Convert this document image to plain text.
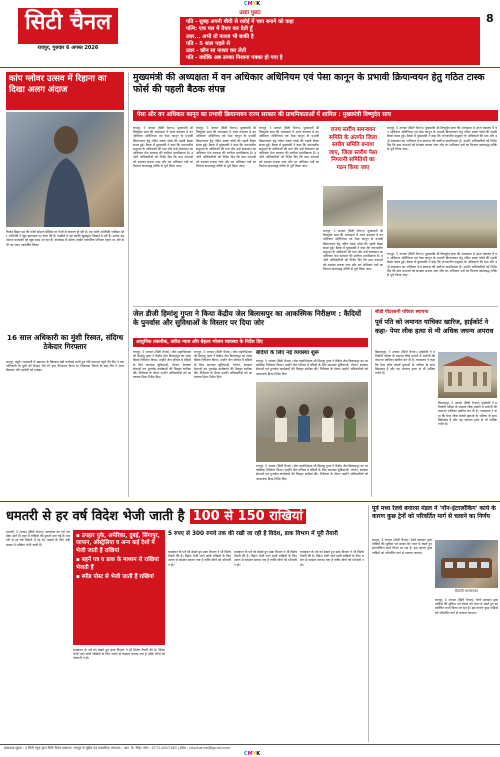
CMYK
सिटी चैनल
रायपुर, गुरुवार 6 अगस्त 2026
उल्टा पुल्टा	8
पति - सुबह अपनी बीवी से रसोई में चाय बनाने को कहा
पत्नि: एक पल में तैयार कर देती हूँ
उधर... अभी तो नाश्ता भी बाकी है
पति - 5 साल पहले से
उधर - कौन सा नाश्ता कर लेती
पति - क्योंकि अब उनका निशाना पक्का हो गया है
कांप ग्लोवर उत्सव में रिहाना का दिखा अलग अंदाज
विनोद बिहार यह की फोटो सोशल मीडिया पर तेजी से वायरल हो रही है। यह फोटो अमेरिकी गायिका और अभिनेत्री ने खुद इंस्टाग्राम पर शेयर की है। तस्वीरों में वह काफी खूबसूरत दिखाई दे रही है। उनका यह अंदाज प्रशंसकों को खूब पसंद आ रहा है। कार्यक्रम के दौरान उन्होंने पारंपरिक परिधान पहना था और सभी का ध्यान आकर्षित किया।
16 साल अधिकारी का मुंशी रिस्वत, संदिग्ध ठेकेदार गिरफ्तार
रायपुर, ब्यूरो। राजधानी में भ्रष्टाचार के खिलाफ बड़ी कार्रवाई करते हुए एंटी करप्शन ब्यूरो की टीम ने एक अधिकारी के मुंशी को रिश्वत लेते रंगे हाथ गिरफ्तार किया है। शिकायत मिलने के बाद टीम ने जाल बिछाया और आरोपी को पकड़ा।
मुख्यमंत्री की अध्यक्षता में वन अधिकार अधिनियम एवं पेसा कानून के प्रभावी क्रियान्वयन हेतु गठित टास्क फोर्स की पहली बैठक संपन्न
पेसा और वन अधिकार कानून का प्रभावी क्रियान्वयन राज्य सरकार की प्राथमिकताओं में शामिल : मुख्यमंत्री विष्णुदेव साय
रायपुर, 5 अगस्त (सिटी चैनल)। मुख्यमंत्री श्री विष्णुदेव साय की अध्यक्षता में आज मंत्रालय में वन अधिकार अधिनियम एवं पेसा कानून के प्रभावी क्रियान्वयन हेतु गठित टास्क फोर्स की पहली बैठक संपन्न हुई। बैठक में मुख्यमंत्री ने कहा कि जनजातीय समुदाय के अधिकारों की रक्षा और उन्हें स्वशासन का अधिकार देना सरकार की सर्वोच्च प्राथमिकता है। उन्होंने अधिकारियों को निर्देश दिए कि ग्राम सभाओं को सशक्त बनाया जाए और वन अधिकार पत्रों का वितरण समयबद्ध तरीके से पूर्ण किया जाए।
रायपुर, 5 अगस्त (सिटी चैनल)। मुख्यमंत्री श्री विष्णुदेव साय की अध्यक्षता में आज मंत्रालय में वन अधिकार अधिनियम एवं पेसा कानून के प्रभावी क्रियान्वयन हेतु गठित टास्क फोर्स की पहली बैठक संपन्न हुई। बैठक में मुख्यमंत्री ने कहा कि जनजातीय समुदाय के अधिकारों की रक्षा और उन्हें स्वशासन का अधिकार देना सरकार की सर्वोच्च प्राथमिकता है। उन्होंने अधिकारियों को निर्देश दिए कि ग्राम सभाओं को सशक्त बनाया जाए और वन अधिकार पत्रों का वितरण समयबद्ध तरीके से पूर्ण किया जाए।
रायपुर, 5 अगस्त (सिटी चैनल)। मुख्यमंत्री श्री विष्णुदेव साय की अध्यक्षता में आज मंत्रालय में वन अधिकार अधिनियम एवं पेसा कानून के प्रभावी क्रियान्वयन हेतु गठित टास्क फोर्स की पहली बैठक संपन्न हुई। बैठक में मुख्यमंत्री ने कहा कि जनजातीय समुदाय के अधिकारों की रक्षा और उन्हें स्वशासन का अधिकार देना सरकार की सर्वोच्च प्राथमिकता है। उन्होंने अधिकारियों को निर्देश दिए कि ग्राम सभाओं को सशक्त बनाया जाए और वन अधिकार पत्रों का वितरण समयबद्ध तरीके से पूर्ण किया जाए।
राज्य स्तरीय समन्वयन समिति के अंतर्गत जिला स्तरीय समिति बनाया जाए, जिला स्तरीय पेसा निगरानी समितियों का गठन किया जाए
रायपुर, 5 अगस्त (सिटी चैनल)। मुख्यमंत्री श्री विष्णुदेव साय की अध्यक्षता में आज मंत्रालय में वन अधिकार अधिनियम एवं पेसा कानून के प्रभावी क्रियान्वयन हेतु गठित टास्क फोर्स की पहली बैठक संपन्न हुई। बैठक में मुख्यमंत्री ने कहा कि जनजातीय समुदाय के अधिकारों की रक्षा और उन्हें स्वशासन का अधिकार देना सरकार की सर्वोच्च प्राथमिकता है। उन्होंने अधिकारियों को निर्देश दिए कि ग्राम सभाओं को सशक्त बनाया जाए और वन अधिकार पत्रों का वितरण समयबद्ध तरीके से पूर्ण किया जाए।
रायपुर, 5 अगस्त (सिटी चैनल)। मुख्यमंत्री श्री विष्णुदेव साय की अध्यक्षता में आज मंत्रालय में वन अधिकार अधिनियम एवं पेसा कानून के प्रभावी क्रियान्वयन हेतु गठित टास्क फोर्स की पहली बैठक संपन्न हुई। बैठक में मुख्यमंत्री ने कहा कि जनजातीय समुदाय के अधिकारों की रक्षा और उन्हें स्वशासन का अधिकार देना सरकार की सर्वोच्च प्राथमिकता है। उन्होंने अधिकारियों को निर्देश दिए कि ग्राम सभाओं को सशक्त बनाया जाए और वन अधिकार पत्रों का वितरण समयबद्ध तरीके से पूर्ण किया जाए।
रायपुर, 5 अगस्त (सिटी चैनल)। मुख्यमंत्री श्री विष्णुदेव साय की अध्यक्षता में आज मंत्रालय में वन अधिकार अधिनियम एवं पेसा कानून के प्रभावी क्रियान्वयन हेतु गठित टास्क फोर्स की पहली बैठक संपन्न हुई। बैठक में मुख्यमंत्री ने कहा कि जनजातीय समुदाय के अधिकारों की रक्षा और उन्हें स्वशासन का अधिकार देना सरकार की सर्वोच्च प्राथमिकता है। उन्होंने अधिकारियों को निर्देश दिए कि ग्राम सभाओं को सशक्त बनाया जाए और वन अधिकार पत्रों का वितरण समयबद्ध तरीके से पूर्ण किया जाए।
जेल डीजी हिमांशु गुप्ता ने किया केंद्रीय जेल बिलासपुर का आकस्मिक निरीक्षण : कैदियों के पुनर्वास और सुविधाओं के विस्तार पर दिया जोर
आधुनिक तकनीक, त्वरित न्याय और बेहतर भोजन व्यवस्था के निर्देश दिए
रायपुर, 5 अगस्त (सिटी चैनल)। जेल महानिदेशक श्री हिमांशु गुप्ता ने केंद्रीय जेल बिलासपुर का आकस्मिक निरीक्षण किया। उन्होंने जेल परिसर में बंदियों के लिए उपलब्ध सुविधाओं, भोजन, स्वास्थ्य सेवाओं एवं पुनर्वास कार्यक्रमों की विस्तृत समीक्षा की। निरीक्षण के दौरान उन्होंने अधिकारियों को आवश्यक दिशा-निर्देश दिए।
रायपुर, 5 अगस्त (सिटी चैनल)। जेल महानिदेशक श्री हिमांशु गुप्ता ने केंद्रीय जेल बिलासपुर का आकस्मिक निरीक्षण किया। उन्होंने जेल परिसर में बंदियों के लिए उपलब्ध सुविधाओं, भोजन, स्वास्थ्य सेवाओं एवं पुनर्वास कार्यक्रमों की विस्तृत समीक्षा की। निरीक्षण के दौरान उन्होंने अधिकारियों को आवश्यक दिशा-निर्देश दिए।
बंदियों के लिए नई व्यवस्था शुरू
रायपुर, 5 अगस्त (सिटी चैनल)। जेल महानिदेशक श्री हिमांशु गुप्ता ने केंद्रीय जेल बिलासपुर का आकस्मिक निरीक्षण किया। उन्होंने जेल परिसर में बंदियों के लिए उपलब्ध सुविधाओं, भोजन, स्वास्थ्य सेवाओं एवं पुनर्वास कार्यक्रमों की विस्तृत समीक्षा की। निरीक्षण के दौरान उन्होंने अधिकारियों को आवश्यक दिशा-निर्देश दिए।
रायपुर, 5 अगस्त (सिटी चैनल)। जेल महानिदेशक श्री हिमांशु गुप्ता ने केंद्रीय जेल बिलासपुर का आकस्मिक निरीक्षण किया। उन्होंने जेल परिसर में बंदियों के लिए उपलब्ध सुविधाओं, भोजन, स्वास्थ्य सेवाओं एवं पुनर्वास कार्यक्रमों की विस्तृत समीक्षा की। निरीक्षण के दौरान उन्होंने अधिकारियों को आवश्यक दिशा-निर्देश दिए।
सीडी पीटरसनी परिवार स्थापना
पूर्व पति को जमानत याचिका खारिज, हाईकोर्ट ने कहा- पेपर लीक हत्या से भी अधिक जघन्य अपराध
बिलासपुर, 5 अगस्त (सिटी चैनल)। हाईकोर्ट ने प्रतियोगी परीक्षा के प्रश्नपत्र लीक मामले में आरोपी की जमानत याचिका खारिज कर दी है। न्यायालय ने कहा कि पेपर लीक लाखों युवाओं के भविष्य के साथ खिलवाड़ है और यह अपराध हत्या से भी अधिक गंभीर है।
बिलासपुर, 5 अगस्त (सिटी चैनल)। हाईकोर्ट ने प्रतियोगी परीक्षा के प्रश्नपत्र लीक मामले में आरोपी की जमानत याचिका खारिज कर दी है। न्यायालय ने कहा कि पेपर लीक लाखों युवाओं के भविष्य के साथ खिलवाड़ है और यह अपराध हत्या से भी अधिक गंभीर है।
धमतरी से हर वर्ष विदेश भेजी जाती है 100 से 150 राखियां
धमतरी, 5 अगस्त (सिटी चैनल)। रक्षाबंधन का पर्व नजदीक आते ही शहर में राखियों की दुकानें सज गई हैं। धमतरी से हर वर्ष विदेशों में रह रहे भाइयों के लिए बड़ी संख्या में राखियां भेजी जाती हैं।
▪ उपहार युके, अमेरिका, दुबई, सिंगापुर, जापान, ऑस्ट्रेलिया व अन्य कई देशों में भेजी जाती हैं राखियां
▪ बहनें पत्र व डाक के माध्यम से राखियां भेजती हैं
▪ स्पीड पोस्ट से भेजी जाती हैं राखियां
रक्षाबंधन के पर्व को देखते हुए डाक विभाग ने भी विशेष तैयारी की है। विदेश भेजी जाने वाली राखियों के लिए अलग से काउंटर बनाया गया है ताकि लोगों को परेशानी न हो।
5 रुपए से 300 रुपये तक की रखी जा रही है विदेश, डाक विभाग में पूरी तैयारी
रक्षाबंधन के पर्व को देखते हुए डाक विभाग ने भी विशेष तैयारी की है। विदेश भेजी जाने वाली राखियों के लिए अलग से काउंटर बनाया गया है ताकि लोगों को परेशानी न हो।
रक्षाबंधन के पर्व को देखते हुए डाक विभाग ने भी विशेष तैयारी की है। विदेश भेजी जाने वाली राखियों के लिए अलग से काउंटर बनाया गया है ताकि लोगों को परेशानी न हो।
रक्षाबंधन के पर्व को देखते हुए डाक विभाग ने भी विशेष तैयारी की है। विदेश भेजी जाने वाली राखियों के लिए अलग से काउंटर बनाया गया है ताकि लोगों को परेशानी न हो।
पूर्व मध्य रेलवे बनारस मंडल ने 'नॉन-इंटरलॉकिंग' कार्य के कारण कुछ ट्रेनों को परिवर्तित मार्ग से चलाने का निर्णय
रायपुर, 5 अगस्त (सिटी चैनल)। रेलवे प्रशासन द्वारा यात्रियों की सुविधा एवं संरक्षा को ध्यान में रखते हुए इंटरलॉकिंग कार्य किया जा रहा है। इस कारण कुछ गाड़ियों को परिवर्तित मार्ग से चलाया जाएगा।
दिवानी भास्करकर
रायपुर, 5 अगस्त (सिटी चैनल)। रेलवे प्रशासन द्वारा यात्रियों की सुविधा एवं संरक्षा को ध्यान में रखते हुए इंटरलॉकिंग कार्य किया जा रहा है। इस कारण कुछ गाड़ियों को परिवर्तित मार्ग से चलाया जाएगा।
प्रकाशक मुद्रक : ए सिटी न्यूज़ द्वारा सिटी चैनल प्रकाशन, रायपुर से मुद्रित एवं प्रकाशित। संपादक : आर. के. सिंह। फोन : 0771-4017140 | ईमेल : citychannel@gmail.com
CMYK
